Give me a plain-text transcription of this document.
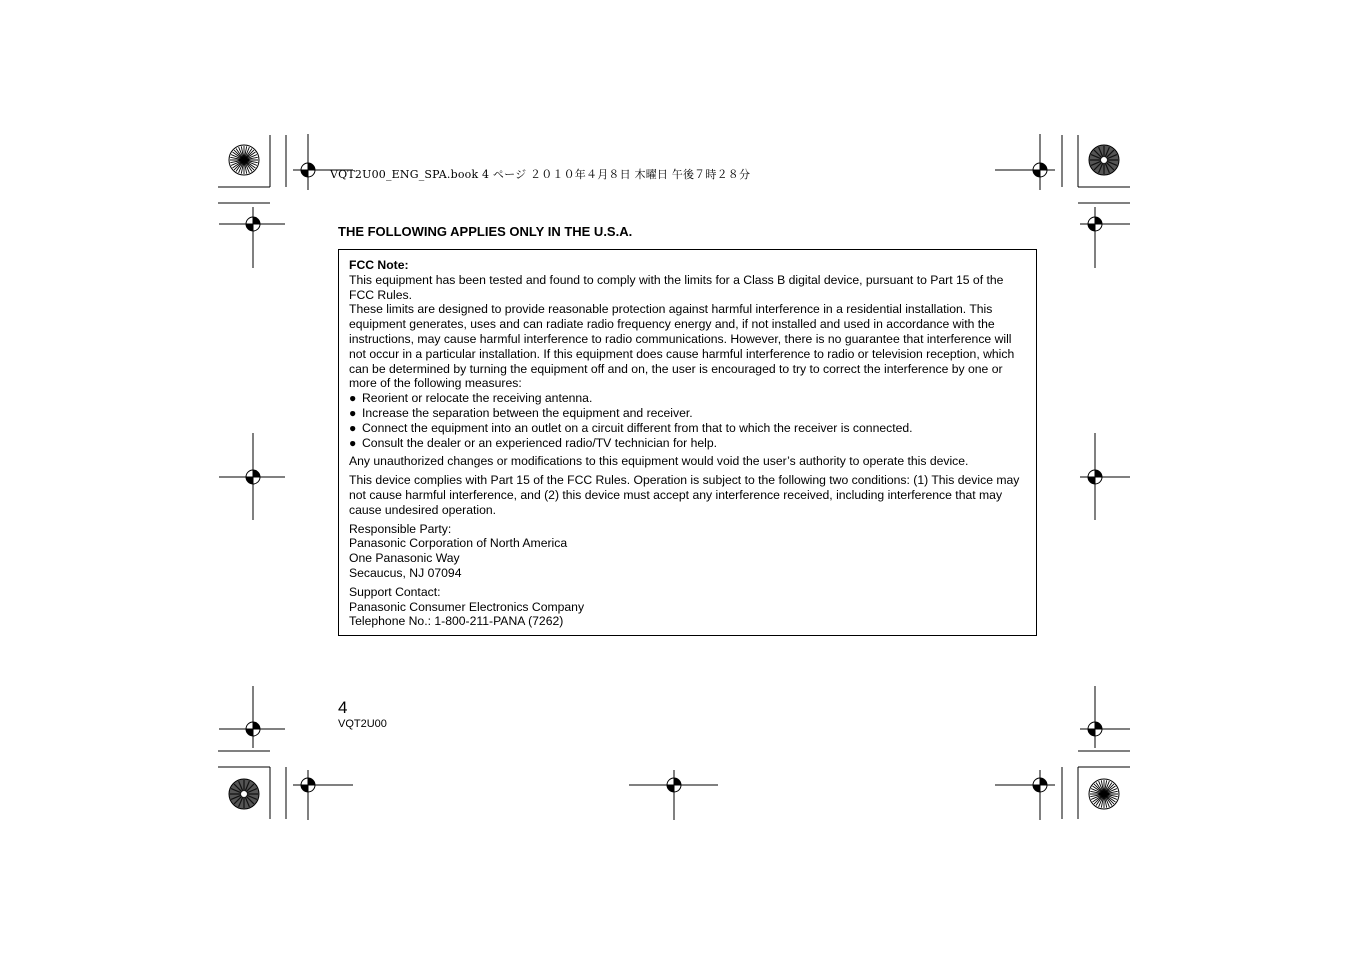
VQT2U00_ENG_SPA.book 4 ページ ２０１０年４月８日 木曜日 午後７時２８分
THE FOLLOWING APPLIES ONLY IN THE U.S.A.

FCC Note:

This equipment has been tested and found to comply with the limits for a Class B digital device, pursuant to Part 15 of the FCC Rules.

These limits are designed to provide reasonable protection against harmful interference in a residential installation. This equipment generates, uses and can radiate radio frequency energy and, if not installed and used in accordance with the instructions, may cause harmful interference to radio communications. However, there is no guarantee that interference will not occur in a particular installation. If this equipment does cause harmful interference to radio or television reception, which can be determined by turning the equipment off and on, the user is encouraged to try to correct the interference by one or more of the following measures:

● Reorient or relocate the receiving antenna.
● Increase the separation between the equipment and receiver.
● Connect the equipment into an outlet on a circuit different from that to which the receiver is connected.
● Consult the dealer or an experienced radio/TV technician for help.

Any unauthorized changes or modifications to this equipment would void the user’s authority to operate this device.

This device complies with Part 15 of the FCC Rules. Operation is subject to the following two conditions: (1) This device may not cause harmful interference, and (2) this device must accept any interference received, including interference that may cause undesired operation.

Responsible Party:

Panasonic Corporation of North America

One Panasonic Way

Secaucus, NJ 07094

Support Contact:

Panasonic Consumer Electronics Company

Telephone No.: 1-800-211-PANA (7262)

4
VQT2U00
